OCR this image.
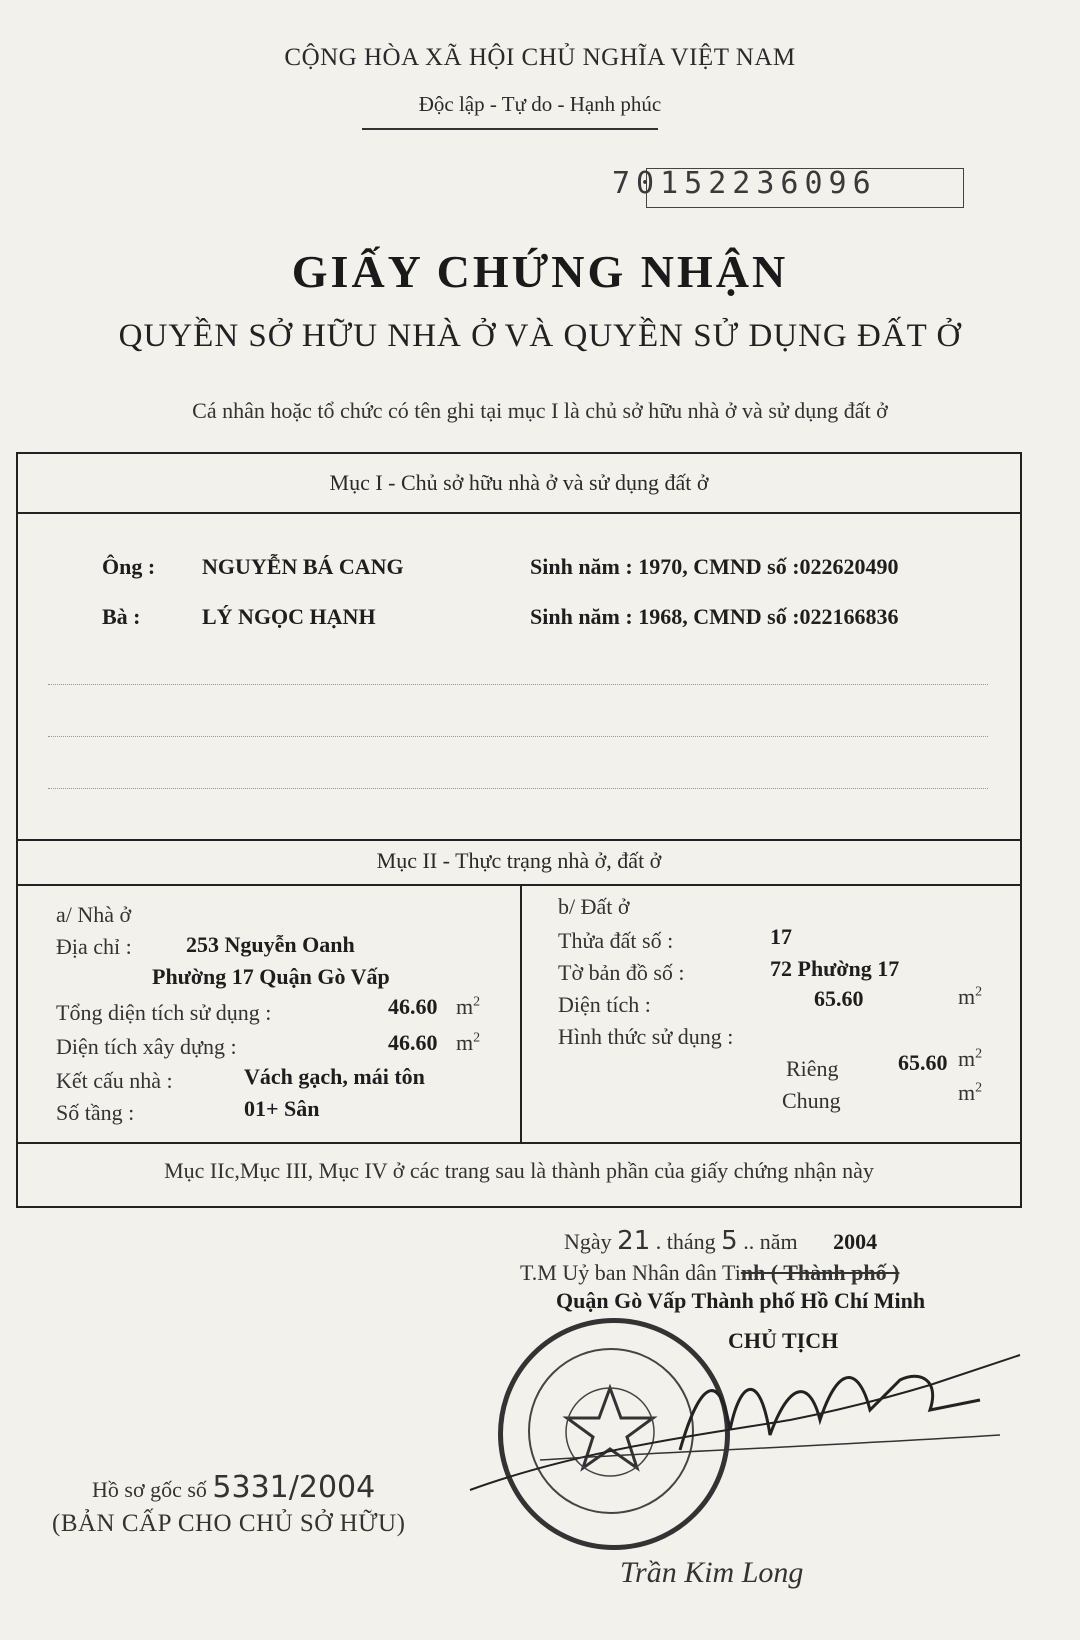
CỘNG HÒA XÃ HỘI CHỦ NGHĨA VIỆT NAM
Độc lập - Tự do - Hạnh phúc
70152236096
GIẤY CHỨNG NHẬN
QUYỀN SỞ HỮU NHÀ Ở VÀ QUYỀN SỬ DỤNG ĐẤT Ở
Cá nhân hoặc tổ chức có tên ghi tại mục I là chủ sở hữu nhà ở và sử dụng đất ở
Mục I - Chủ sở hữu nhà ở và sử dụng đất ở
Ông : NGUYỄN BÁ CANG	Sinh năm : 1970, CMND số :022620490
Bà :	LÝ NGỌC HẠNH	Sinh năm : 1968, CMND số :022166836
Mục II - Thực trạng nhà ở, đất ở
a/ Nhà ở
Địa chỉ : 253 Nguyễn Oanh
Phường 17 Quận Gò Vấp
Tổng diện tích sử dụng :	46.60 $m^2$
Diện tích xây dựng :	46.60 $m^2$
Kết cấu nhà :	Vách gạch, mái tôn
Số tầng :	01+ Sân
b/ Đất ở
Thửa đất số :	17
Tờ bản đồ số :	72 Phường 17
Diện tích :	65.60	$m^2$
Hình thức sử dụng :
Riêng	65.60 $m^2$
Chung	$m^2$
Mục IIc,Mục III, Mục IV ở các trang sau là thành phần của giấy chứng nhận này
Ngày 21 . tháng 5 .. năm 2004
T.M Uỷ ban Nhân dân Tinh ( Thành phố )
Quận Gò Vấp Thành phố Hồ Chí Minh
CHỦ TỊCH
Trần Kim Long
Hồ sơ gốc số 5331/2004
(BẢN CẤP CHO CHỦ SỞ HỮU)
